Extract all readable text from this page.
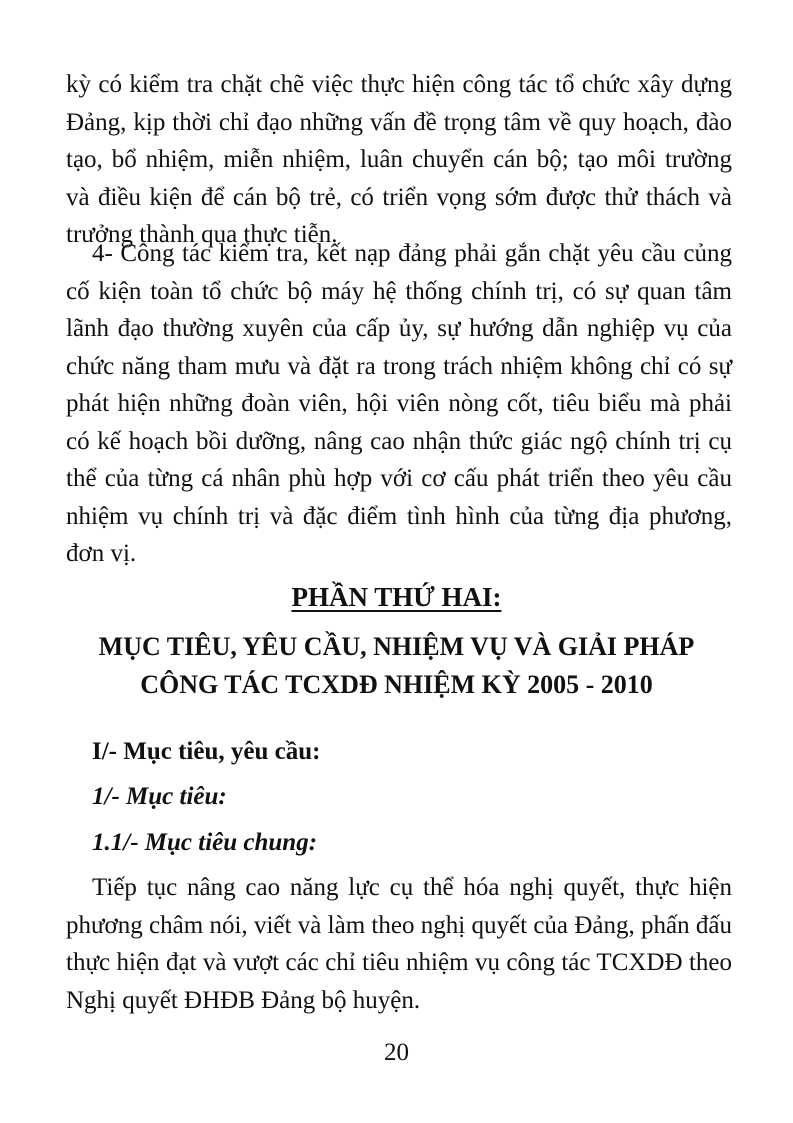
kỳ có kiểm tra chặt chẽ việc thực hiện công tác tổ chức xây dựng Đảng, kịp thời chỉ đạo những vấn đề trọng tâm về quy hoạch, đào tạo, bổ nhiệm, miễn nhiệm, luân chuyển cán bộ; tạo môi trường và điều kiện để cán bộ trẻ, có triển vọng sớm được thử thách và trưởng thành qua thực tiễn.

4- Công tác kiểm tra, kết nạp đảng phải gắn chặt yêu cầu củng cố kiện toàn tổ chức bộ máy hệ thống chính trị, có sự quan tâm lãnh đạo thường xuyên của cấp ủy, sự hướng dẫn nghiệp vụ của chức năng tham mưu và đặt ra trong trách nhiệm không chỉ có sự phát hiện những đoàn viên, hội viên nòng cốt, tiêu biểu mà phải có kế hoạch bồi dưỡng, nâng cao nhận thức giác ngộ chính trị cụ thể của từng cá nhân phù hợp với cơ cấu phát triển theo yêu cầu nhiệm vụ chính trị và đặc điểm tình hình của từng địa phương, đơn vị.

PHẦN THỨ HAI:
MỤC TIÊU, YÊU CẦU, NHIỆM VỤ VÀ GIẢI PHÁP CÔNG TÁC TCXDĐ NHIỆM KỲ 2005 - 2010
I/- Mục tiêu, yêu cầu:
1/- Mục tiêu:
1.1/- Mục tiêu chung:

Tiếp tục nâng cao năng lực cụ thể hóa nghị quyết, thực hiện phương châm nói, viết và làm theo nghị quyết của Đảng, phấn đấu thực hiện đạt và vượt các chỉ tiêu nhiệm vụ công tác TCXDĐ theo Nghị quyết ĐHĐB Đảng bộ huyện.

20
